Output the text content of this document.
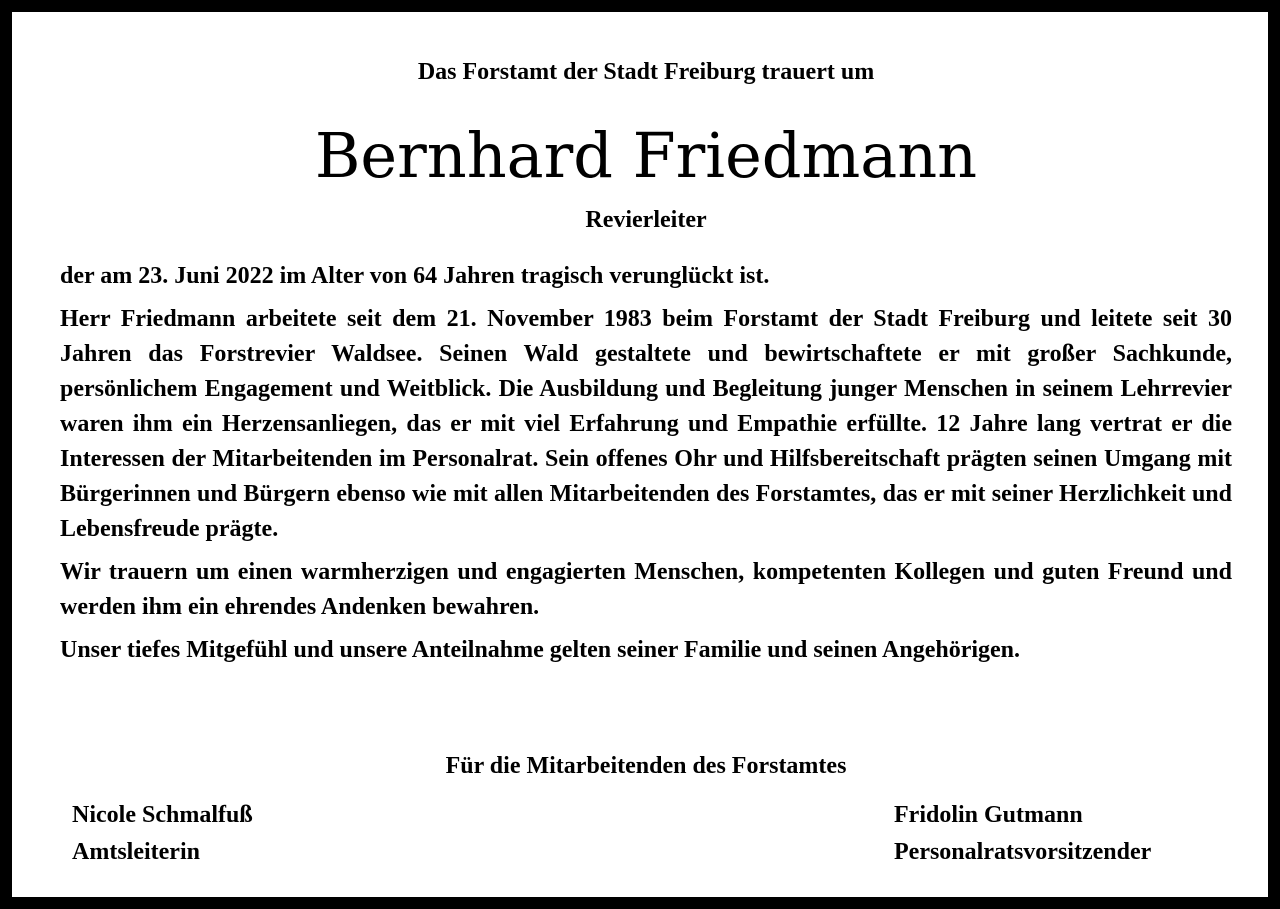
Das Forstamt der Stadt Freiburg trauert um
Bernhard Friedmann
Revierleiter

der am 23. Juni 2022 im Alter von 64 Jahren tragisch verunglückt ist.

Herr Friedmann arbeitete seit dem 21. November 1983 beim Forstamt der Stadt Freiburg und leitete seit 30 Jahren das Forstrevier Waldsee. Seinen Wald gestaltete und bewirtschaftete er mit großer Sachkunde, persönlichem Engagement und Weitblick. Die Ausbildung und Begleitung junger Menschen in seinem Lehrrevier waren ihm ein Herzensanliegen, das er mit viel Erfahrung und Empathie erfüllte. 12 Jahre lang vertrat er die Interessen der Mitarbeitenden im Personalrat. Sein offenes Ohr und Hilfsbereitschaft prägten seinen Umgang mit Bürgerinnen und Bürgern ebenso wie mit allen Mitarbeitenden des Forstamtes, das er mit seiner Herzlichkeit und Lebensfreude prägte.

Wir trauern um einen warmherzigen und engagierten Menschen, kompetenten Kollegen und guten Freund und werden ihm ein ehrendes Andenken bewahren.

Unser tiefes Mitgefühl und unsere Anteilnahme gelten seiner Familie und seinen Angehörigen.

Für die Mitarbeitenden des Forstamtes
Nicole Schmalfuß
Amtsleiterin
Fridolin Gutmann
Personalratsvorsitzender
